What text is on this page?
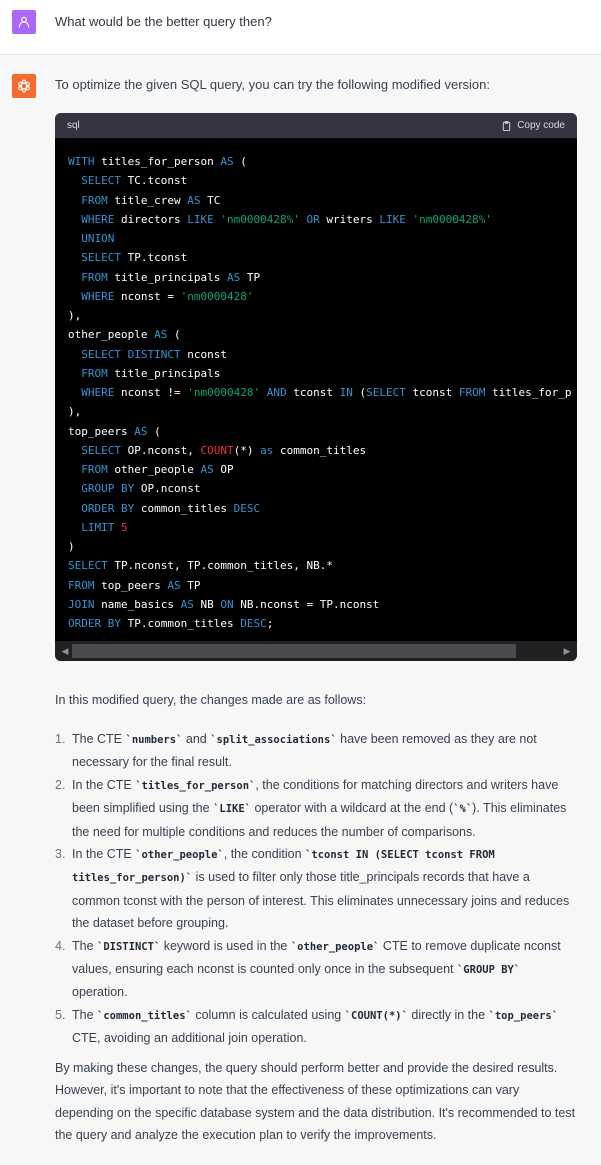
What would be the better query then?
To optimize the given SQL query, you can try the following modified version:
sql	Copy code
WITH titles_for_person AS (
SELECT TC.tconst
FROM title_crew AS TC
WHERE directors LIKE 'nm0000428%' OR writers LIKE 'nm0000428%'
UNION
SELECT TP.tconst
FROM title_principals AS TP
WHERE nconst = 'nm0000428'
),
other_people AS (
SELECT DISTINCT nconst
FROM title_principals
WHERE nconst != 'nm0000428' AND tconst IN (SELECT tconst FROM titles_for_p
),
top_peers AS (
SELECT OP.nconst, COUNT(*) as common_titles
FROM other_people AS OP
GROUP BY OP.nconst
ORDER BY common_titles DESC
LIMIT 5
)
SELECT TP.nconst, TP.common_titles, NB.*
FROM top_peers AS TP
JOIN name_basics AS NB ON NB.nconst = TP.nconst
ORDER BY TP.common_titles DESC;
◀	▶
In this modified query, the changes made are as follows:
1. The CTE `numbers` and `split_associations` have been removed as they are not necessary for the final result.
2. In the CTE `titles_for_person`, the conditions for matching directors and writers have been simplified using the `LIKE` operator with a wildcard at the end (`%`). This eliminates the need for multiple conditions and reduces the number of comparisons.
3. In the CTE `other_people`, the condition `tconst IN (SELECT tconst FROM titles_for_person)` is used to filter only those title_principals records that have a common tconst with the person of interest. This eliminates unnecessary joins and reduces the dataset before grouping.
4. The `DISTINCT` keyword is used in the `other_people` CTE to remove duplicate nconst values, ensuring each nconst is counted only once in the subsequent `GROUP BY` operation.
5. The `common_titles` column is calculated using `COUNT(*)` directly in the `top_peers` CTE, avoiding an additional join operation.
By making these changes, the query should perform better and provide the desired results. However, it's important to note that the effectiveness of these optimizations can vary depending on the specific database system and the data distribution. It's recommended to test the query and analyze the execution plan to verify the improvements.
